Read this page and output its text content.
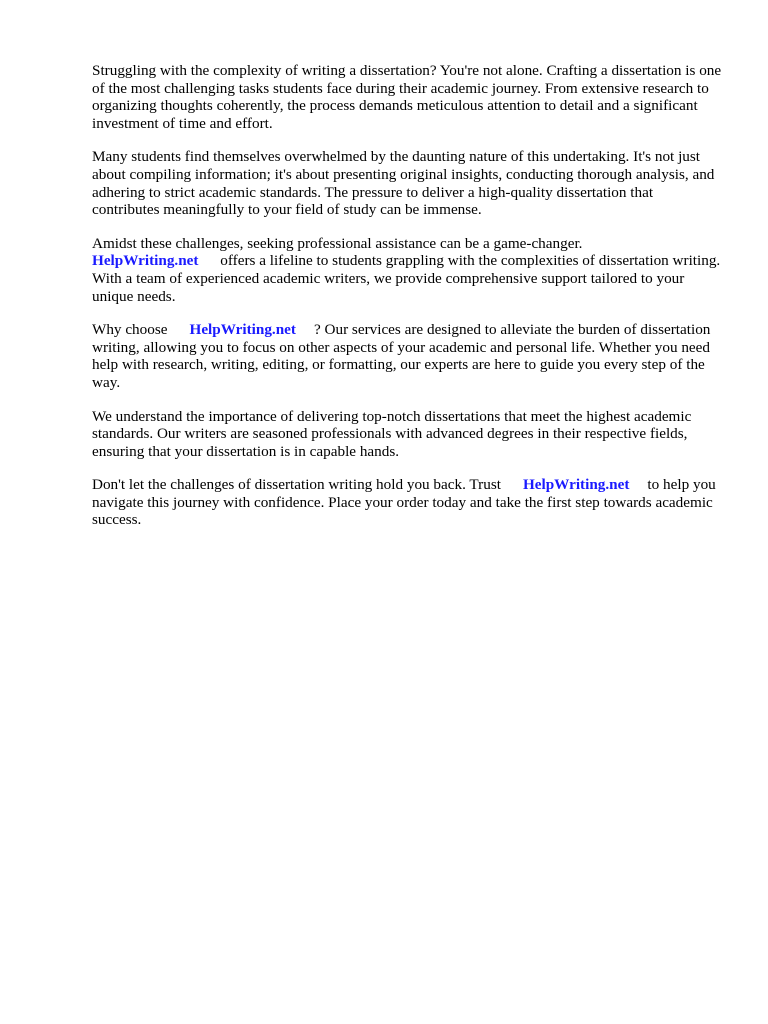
Struggling with the complexity of writing a dissertation? You're not alone. Crafting a dissertation is one of the most challenging tasks students face during their academic journey. From extensive research to organizing thoughts coherently, the process demands meticulous attention to detail and a significant investment of time and effort.

Many students find themselves overwhelmed by the daunting nature of this undertaking. It's not just about compiling information; it's about presenting original insights, conducting thorough analysis, and adhering to strict academic standards. The pressure to deliver a high-quality dissertation that contributes meaningfully to your field of study can be immense.

Amidst these challenges, seeking professional assistance can be a game-changer.
HelpWriting.net offers a lifeline to students grappling with the complexities of dissertation writing. With a team of experienced academic writers, we provide comprehensive support tailored to your unique needs.

Why choose HelpWriting.net ? Our services are designed to alleviate the burden of dissertation writing, allowing you to focus on other aspects of your academic and personal life. Whether you need help with research, writing, editing, or formatting, our experts are here to guide you every step of the way.

We understand the importance of delivering top-notch dissertations that meet the highest academic standards. Our writers are seasoned professionals with advanced degrees in their respective fields, ensuring that your dissertation is in capable hands.

Don't let the challenges of dissertation writing hold you back. Trust HelpWriting.net to help you navigate this journey with confidence. Place your order today and take the first step towards academic success.
